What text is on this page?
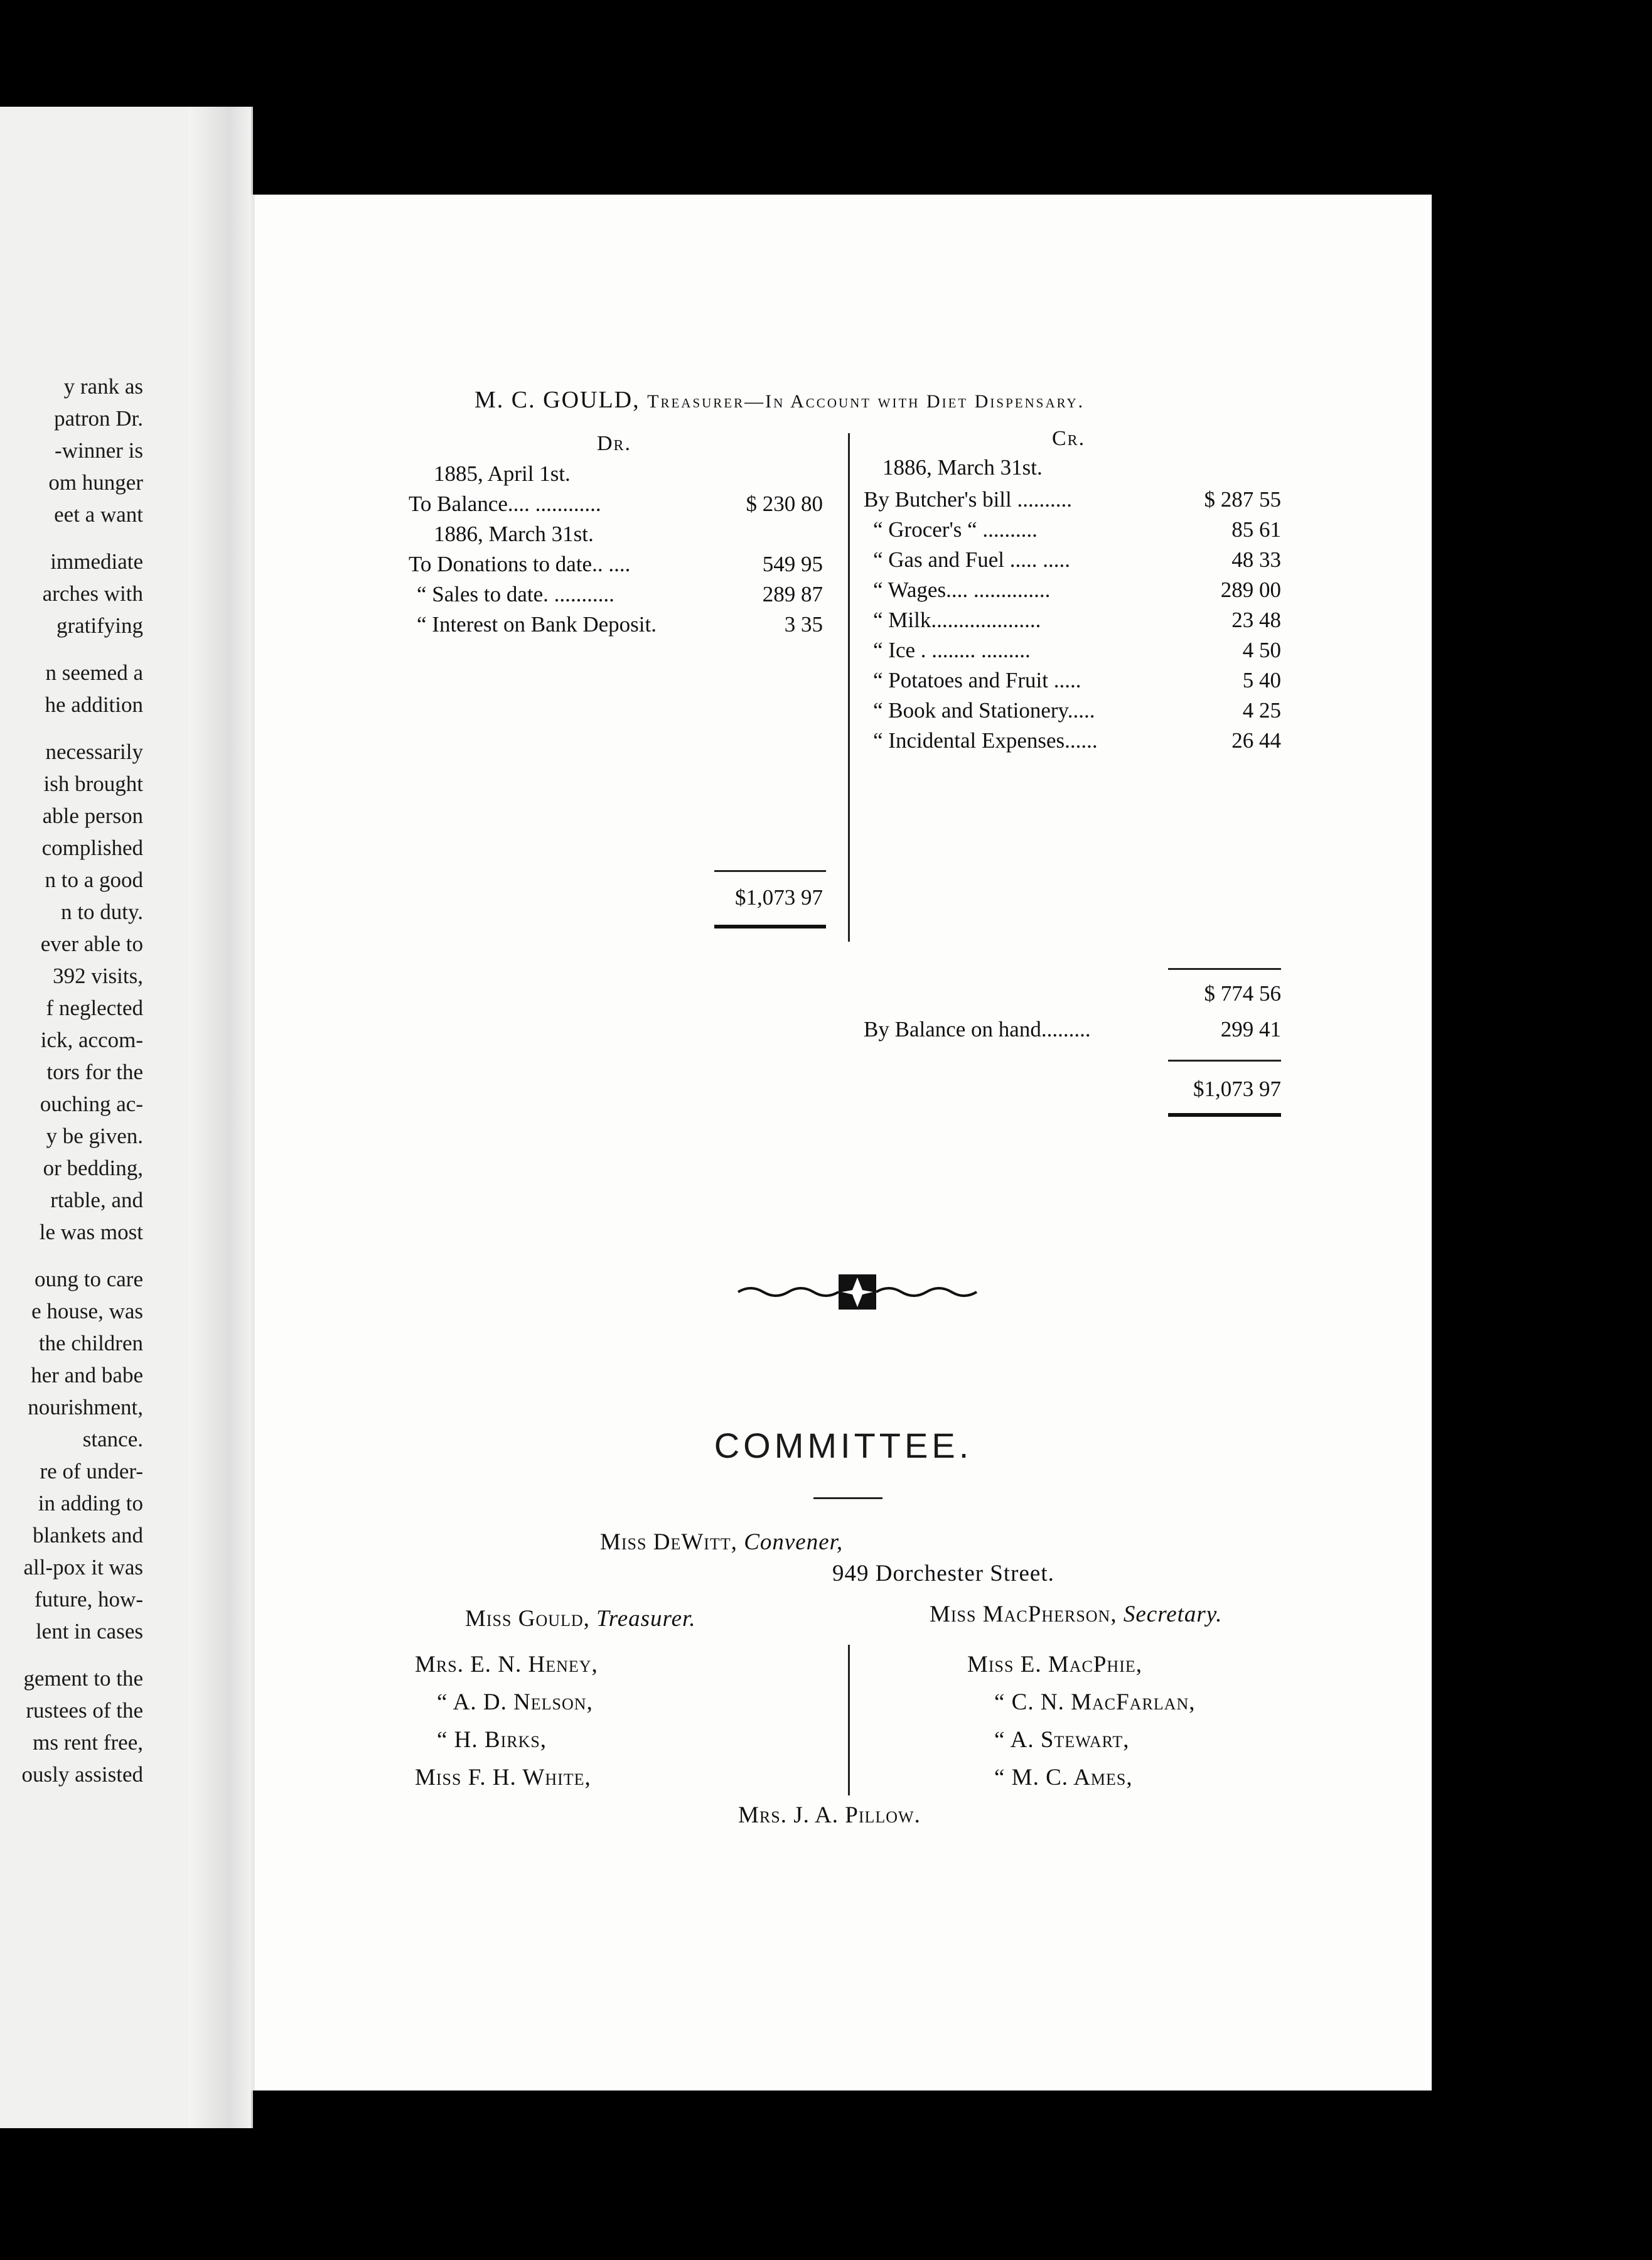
y rank as
patron Dr.
-winner is
om hunger
eet a want
immediate
arches with
gratifying
n seemed a
he addition
necessarily
ish brought
able person
complished
n to a good
n to duty.
ever able to
392 visits,
f neglected
ick, accom-
tors for the
ouching ac-
y be given.
or bedding,
rtable, and
le was most
oung to care
e house, was
the children
her and babe
nourishment,
stance.
re of under-
in adding to
blankets and
all-pox it was
future, how-
lent in cases
gement to the
rustees of the
ms rent free,
ously assisted
M. C. GOULD, Treasurer—In Account with Diet Dispensary.
Dr.
1885, April 1st.
To Balance.... ............	$ 230 80
1886, March 31st.
To Donations to date.. ....	549 95
“ Sales to date. ...........	289 87
“ Interest on Bank Deposit.	3 35
$1,073 97
Cr.
1886, March 31st.
By Butcher's bill ..........	$ 287 55
“ Grocer's “ ..........	85 61
“ Gas and Fuel ..... .....	48 33
“ Wages.... ..............	289 00
“ Milk....................	23 48
“ Ice . ........ .........	4 50
“ Potatoes and Fruit .....	5 40
“ Book and Stationery.....	4 25
“ Incidental Expenses......	26 44
$ 774 56
By Balance on hand.........	299 41
$1,073 97
COMMITTEE.
Miss DeWitt, Convener,
949 Dorchester Street.
Miss Gould, Treasurer.	Miss MacPherson, Secretary.
Mrs. E. N. Heney,
“ A. D. Nelson,
“ H. Birks,
Miss F. H. White,
Miss E. MacPhie,
“ C. N. MacFarlan,
“ A. Stewart,
“ M. C. Ames,
Mrs. J. A. Pillow.
